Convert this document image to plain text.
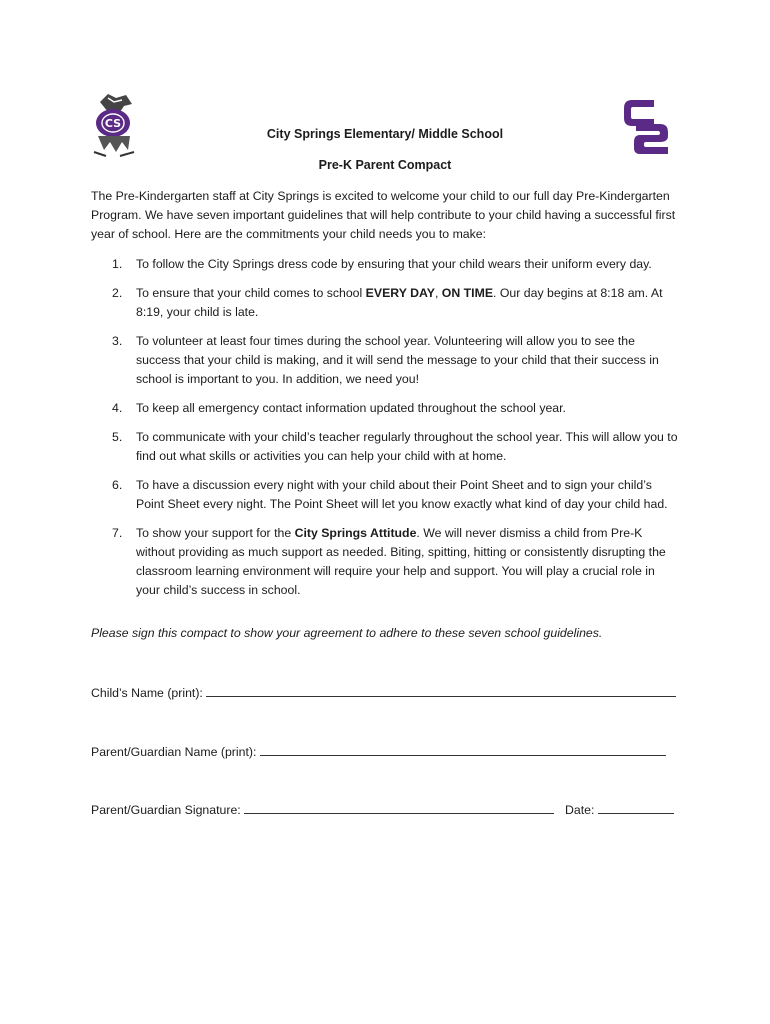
CS
City Springs Elementary/ Middle School
Pre-K Parent Compact

The Pre-Kindergarten staff at City Springs is excited to welcome your child to our full day Pre-Kindergarten Program. We have seven important guidelines that will help contribute to your child having a successful first year of school. Here are the commitments your child needs you to make:

1. To follow the City Springs dress code by ensuring that your child wears their uniform every day.
2. To ensure that your child comes to school EVERY DAY, ON TIME. Our day begins at 8:18 am. At 8:19, your child is late.
3. To volunteer at least four times during the school year. Volunteering will allow you to see the success that your child is making, and it will send the message to your child that their success in school is important to you. In addition, we need you!
4. To keep all emergency contact information updated throughout the school year.
5. To communicate with your child’s teacher regularly throughout the school year. This will allow you to find out what skills or activities you can help your child with at home.
6. To have a discussion every night with your child about their Point Sheet and to sign your child’s Point Sheet every night. The Point Sheet will let you know exactly what kind of day your child had.
7. To show your support for the City Springs Attitude. We will never dismiss a child from Pre-K without providing as much support as needed. Biting, spitting, hitting or consistently disrupting the classroom learning environment will require your help and support. You will play a crucial role in your child’s success in school.

Please sign this compact to show your agreement to adhere to these seven school guidelines.

Child’s Name (print):
Parent/Guardian Name (print):
Parent/Guardian Signature:	Date:
